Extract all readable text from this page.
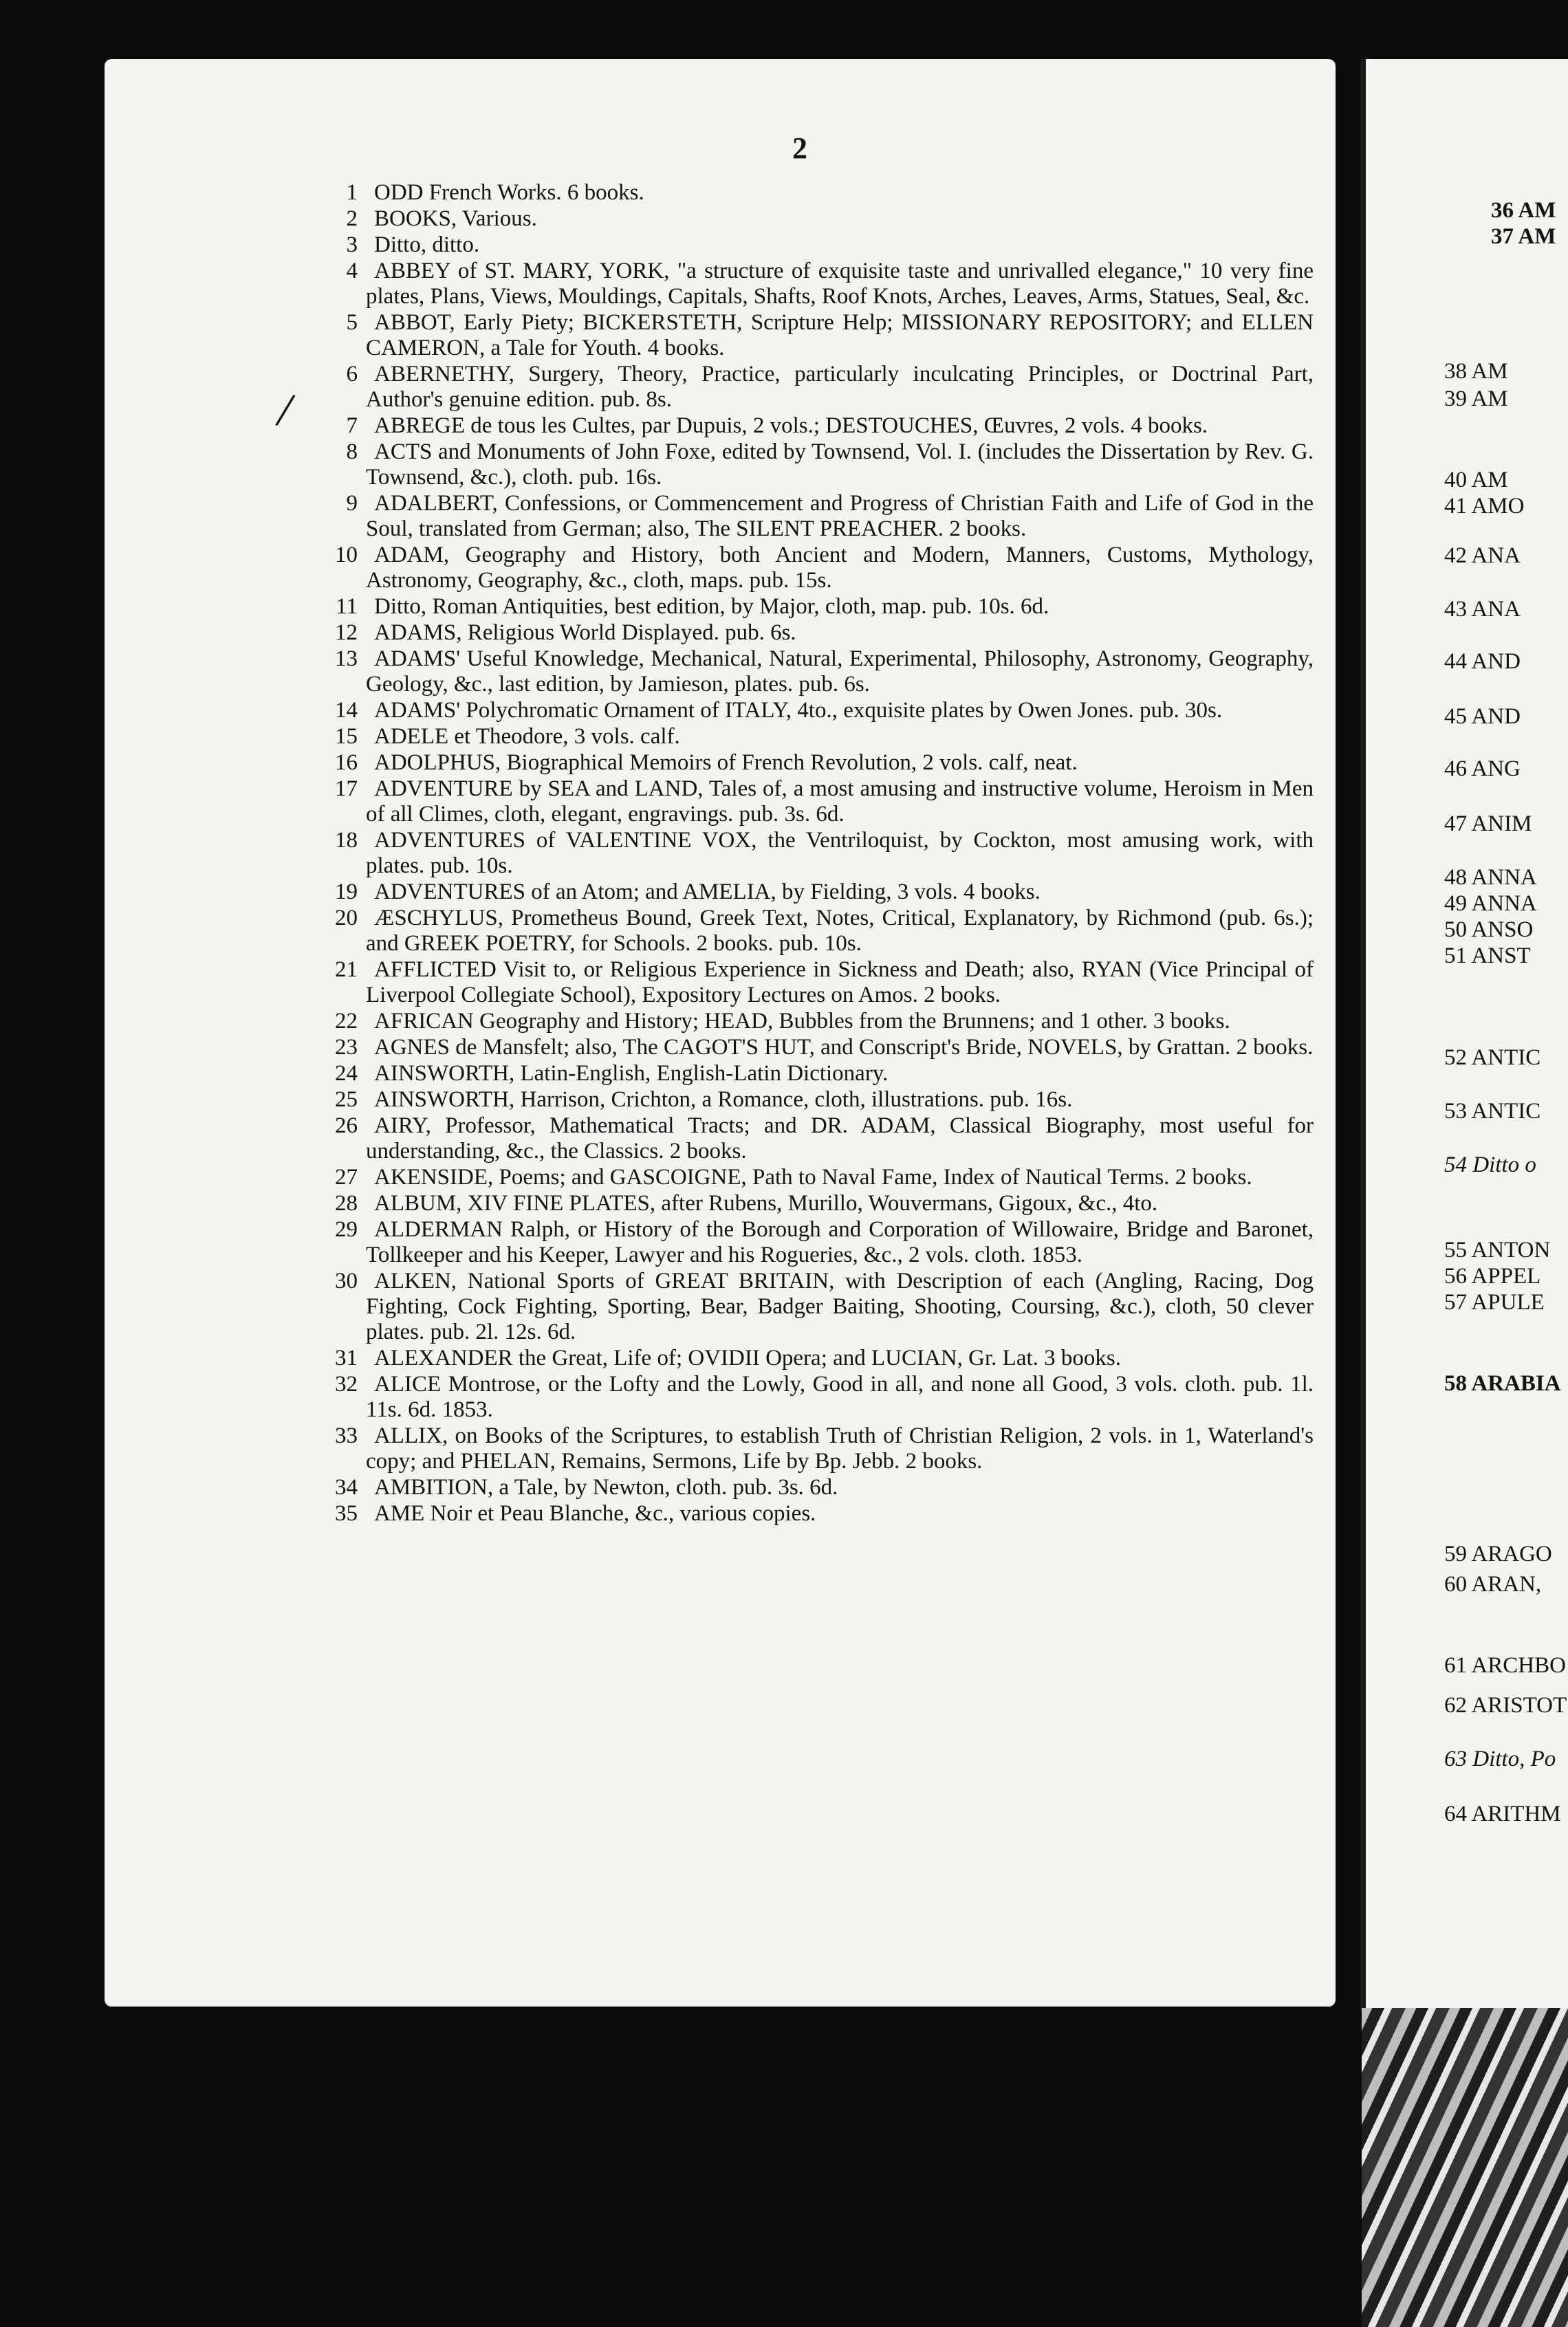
2
/
1 ODD French Works. 6 books.
2 BOOKS, Various.
3 Ditto, ditto.
4 ABBEY of ST. MARY, YORK, "a structure of exquisite taste and unrivalled elegance," 10 very fine plates, Plans, Views, Mouldings, Capitals, Shafts, Roof Knots, Arches, Leaves, Arms, Statues, Seal, &c.
5 ABBOT, Early Piety; BICKERSTETH, Scripture Help; MISSIONARY REPOSITORY; and ELLEN CAMERON, a Tale for Youth. 4 books.
6 ABERNETHY, Surgery, Theory, Practice, particularly inculcating Principles, or Doctrinal Part, Author's genuine edition. pub. 8s.
7 ABREGE de tous les Cultes, par Dupuis, 2 vols.; DESTOUCHES, Œuvres, 2 vols. 4 books.
8 ACTS and Monuments of John Foxe, edited by Townsend, Vol. I. (includes the Dissertation by Rev. G. Townsend, &c.), cloth. pub. 16s.
9 ADALBERT, Confessions, or Commencement and Progress of Christian Faith and Life of God in the Soul, translated from German; also, The SILENT PREACHER. 2 books.
10 ADAM, Geography and History, both Ancient and Modern, Manners, Customs, Mythology, Astronomy, Geography, &c., cloth, maps. pub. 15s.
11 Ditto, Roman Antiquities, best edition, by Major, cloth, map. pub. 10s. 6d.
12 ADAMS, Religious World Displayed. pub. 6s.
13 ADAMS' Useful Knowledge, Mechanical, Natural, Experimental, Philosophy, Astronomy, Geography, Geology, &c., last edition, by Jamieson, plates. pub. 6s.
14 ADAMS' Polychromatic Ornament of ITALY, 4to., exquisite plates by Owen Jones. pub. 30s.
15 ADELE et Theodore, 3 vols. calf.
16 ADOLPHUS, Biographical Memoirs of French Revolution, 2 vols. calf, neat.
17 ADVENTURE by SEA and LAND, Tales of, a most amusing and instructive volume, Heroism in Men of all Climes, cloth, elegant, engravings. pub. 3s. 6d.
18 ADVENTURES of VALENTINE VOX, the Ventriloquist, by Cockton, most amusing work, with plates. pub. 10s.
19 ADVENTURES of an Atom; and AMELIA, by Fielding, 3 vols. 4 books.
20 ÆSCHYLUS, Prometheus Bound, Greek Text, Notes, Critical, Explanatory, by Richmond (pub. 6s.); and GREEK POETRY, for Schools. 2 books. pub. 10s.
21 AFFLICTED Visit to, or Religious Experience in Sickness and Death; also, RYAN (Vice Principal of Liverpool Collegiate School), Expository Lectures on Amos. 2 books.
22 AFRICAN Geography and History; HEAD, Bubbles from the Brunnens; and 1 other. 3 books.
23 AGNES de Mansfelt; also, The CAGOT'S HUT, and Conscript's Bride, NOVELS, by Grattan. 2 books.
24 AINSWORTH, Latin-English, English-Latin Dictionary.
25 AINSWORTH, Harrison, Crichton, a Romance, cloth, illustrations. pub. 16s.
26 AIRY, Professor, Mathematical Tracts; and DR. ADAM, Classical Biography, most useful for understanding, &c., the Classics. 2 books.
27 AKENSIDE, Poems; and GASCOIGNE, Path to Naval Fame, Index of Nautical Terms. 2 books.
28 ALBUM, XIV FINE PLATES, after Rubens, Murillo, Wouvermans, Gigoux, &c., 4to.
29 ALDERMAN Ralph, or History of the Borough and Corporation of Willowaire, Bridge and Baronet, Tollkeeper and his Keeper, Lawyer and his Rogueries, &c., 2 vols. cloth. 1853.
30 ALKEN, National Sports of GREAT BRITAIN, with Description of each (Angling, Racing, Dog Fighting, Cock Fighting, Sporting, Bear, Badger Baiting, Shooting, Coursing, &c.), cloth, 50 clever plates. pub. 2l. 12s. 6d.
31 ALEXANDER the Great, Life of; OVIDII Opera; and LUCIAN, Gr. Lat. 3 books.
32 ALICE Montrose, or the Lofty and the Lowly, Good in all, and none all Good, 3 vols. cloth. pub. 1l. 11s. 6d. 1853.
33 ALLIX, on Books of the Scriptures, to establish Truth of Christian Religion, 2 vols. in 1, Waterland's copy; and PHELAN, Remains, Sermons, Life by Bp. Jebb. 2 books.
34 AMBITION, a Tale, by Newton, cloth. pub. 3s. 6d.
35 AME Noir et Peau Blanche, &c., various copies.
36 AM
37 AM
38 AM
39 AM
40 AM
41 AMO
42 ANA
43 ANA
44 AND
45 AND
46 ANG
47 ANIM
48 ANNA
49 ANNA
50 ANSO
51 ANST
52 ANTIC
53 ANTIC
54 Ditto o
55 ANTON
56 APPEL
57 APULE
58 ARABIA
59 ARAGO
60 ARAN,
61 ARCHBO
62 ARISTOT
63 Ditto, Po
64 ARITHM
